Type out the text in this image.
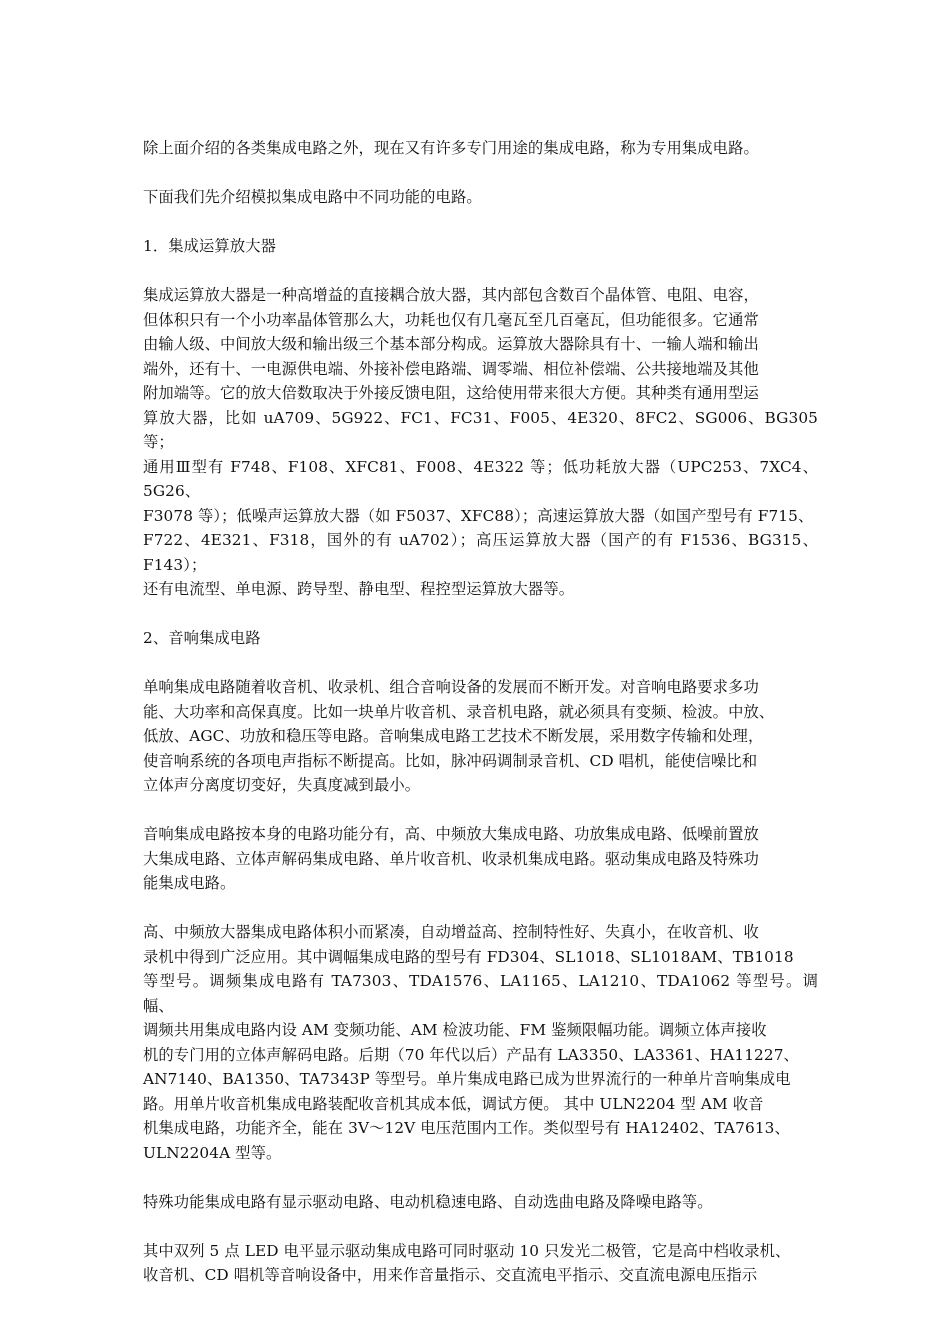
除上面介绍的各类集成电路之外，现在又有许多专门用途的集成电路，称为专用集成电路。

下面我们先介绍模拟集成电路中不同功能的电路。

1．集成运算放大器

集成运算放大器是一种高增益的直接耦合放大器，其内部包含数百个晶体管、电阻、电容，
但体积只有一个小功率晶体管那么大，功耗也仅有几毫瓦至几百毫瓦，但功能很多。它通常
由输人级、中间放大级和输出级三个基本部分构成。运算放大器除具有十、一输人端和输出
端外，还有十、一电源供电端、外接补偿电路端、调零端、相位补偿端、公共接地端及其他
附加端等。它的放大倍数取决于外接反馈电阻，这给使用带来很大方便。其种类有通用型运
算放大器，比如 uA709、5G922、FC1、FC31、F005、4E320、8FC2、SG006、BG305 等；
通用Ⅲ型有 F748、F108、XFC81、F008、4E322 等；低功耗放大器（UPC253、7XC4、5G26、
F3078 等）；低噪声运算放大器（如 F5037、XFC88）；高速运算放大器（如国产型号有 F715、
F722、4E321、F318，国外的有 uA702）；高压运算放大器（国产的有 F1536、BG315、F143）；
还有电流型、单电源、跨导型、静电型、程控型运算放大器等。

2、音响集成电路

单响集成电路随着收音机、收录机、组合音响设备的发展而不断开发。对音响电路要求多功
能、大功率和高保真度。比如一块单片收音机、录音机电路，就必须具有变频、检波。中放、
低放、AGC、功放和稳压等电路。音响集成电路工艺技术不断发展，采用数字传输和处理，
使音响系统的各项电声指标不断提高。比如，脉冲码调制录音机、CD 唱机，能使信噪比和
立体声分离度切变好，失真度减到最小。

音响集成电路按本身的电路功能分有，高、中频放大集成电路、功放集成电路、低噪前置放
大集成电路、立体声解码集成电路、单片收音机、收录机集成电路。驱动集成电路及特殊功
能集成电路。

高、中频放大器集成电路体积小而紧凑，自动增益高、控制特性好、失真小，在收音机、收
录机中得到广泛应用。其中调幅集成电路的型号有 FD304、SL1018、SL1018AM、TB1018
等型号。调频集成电路有 TA7303、TDA1576、LA1165、LA1210、TDA1062 等型号。调幅、
调频共用集成电路内设 AM 变频功能、AM 检波功能、FM 鉴频限幅功能。调频立体声接收
机的专门用的立体声解码电路。后期（70 年代以后）产品有 LA3350、LA3361、HA11227、
AN7140、BA1350、TA7343P 等型号。单片集成电路已成为世界流行的一种单片音响集成电
路。用单片收音机集成电路装配收音机其成本低，调试方便。 其中 ULN2204 型 AM 收音
机集成电路，功能齐全，能在 3V～12V 电压范围内工作。类似型号有 HA12402、TA7613、
ULN2204A 型等。

特殊功能集成电路有显示驱动电路、电动机稳速电路、自动选曲电路及降噪电路等。

其中双列 5 点 LED 电平显示驱动集成电路可同时驱动 10 只发光二极管，它是高中档收录机、
收音机、CD 唱机等音响设备中，用来作音量指示、交直流电平指示、交直流电源电压指示
